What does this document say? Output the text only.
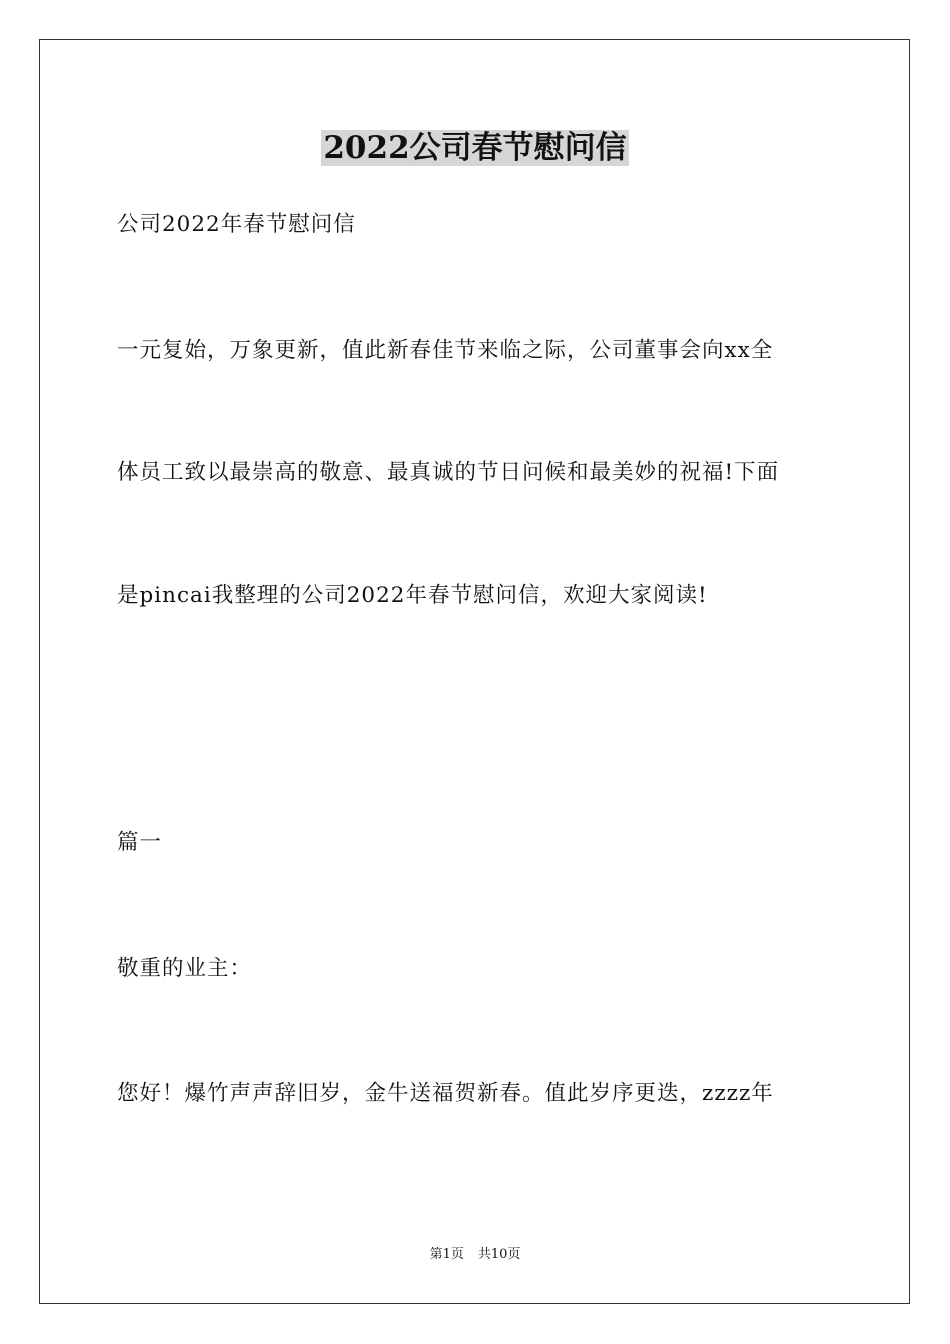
2022公司春节慰问信
公司2022年春节慰问信
一元复始，万象更新，值此新春佳节来临之际，公司董事会向xx全
体员工致以最崇高的敬意、最真诚的节日问候和最美妙的祝福!下面
是pincai我整理的公司2022年春节慰问信，欢迎大家阅读!
篇一
敬重的业主：
您好！爆竹声声辞旧岁，金牛送福贺新春。值此岁序更迭，zzzz年
第1页 共10页
